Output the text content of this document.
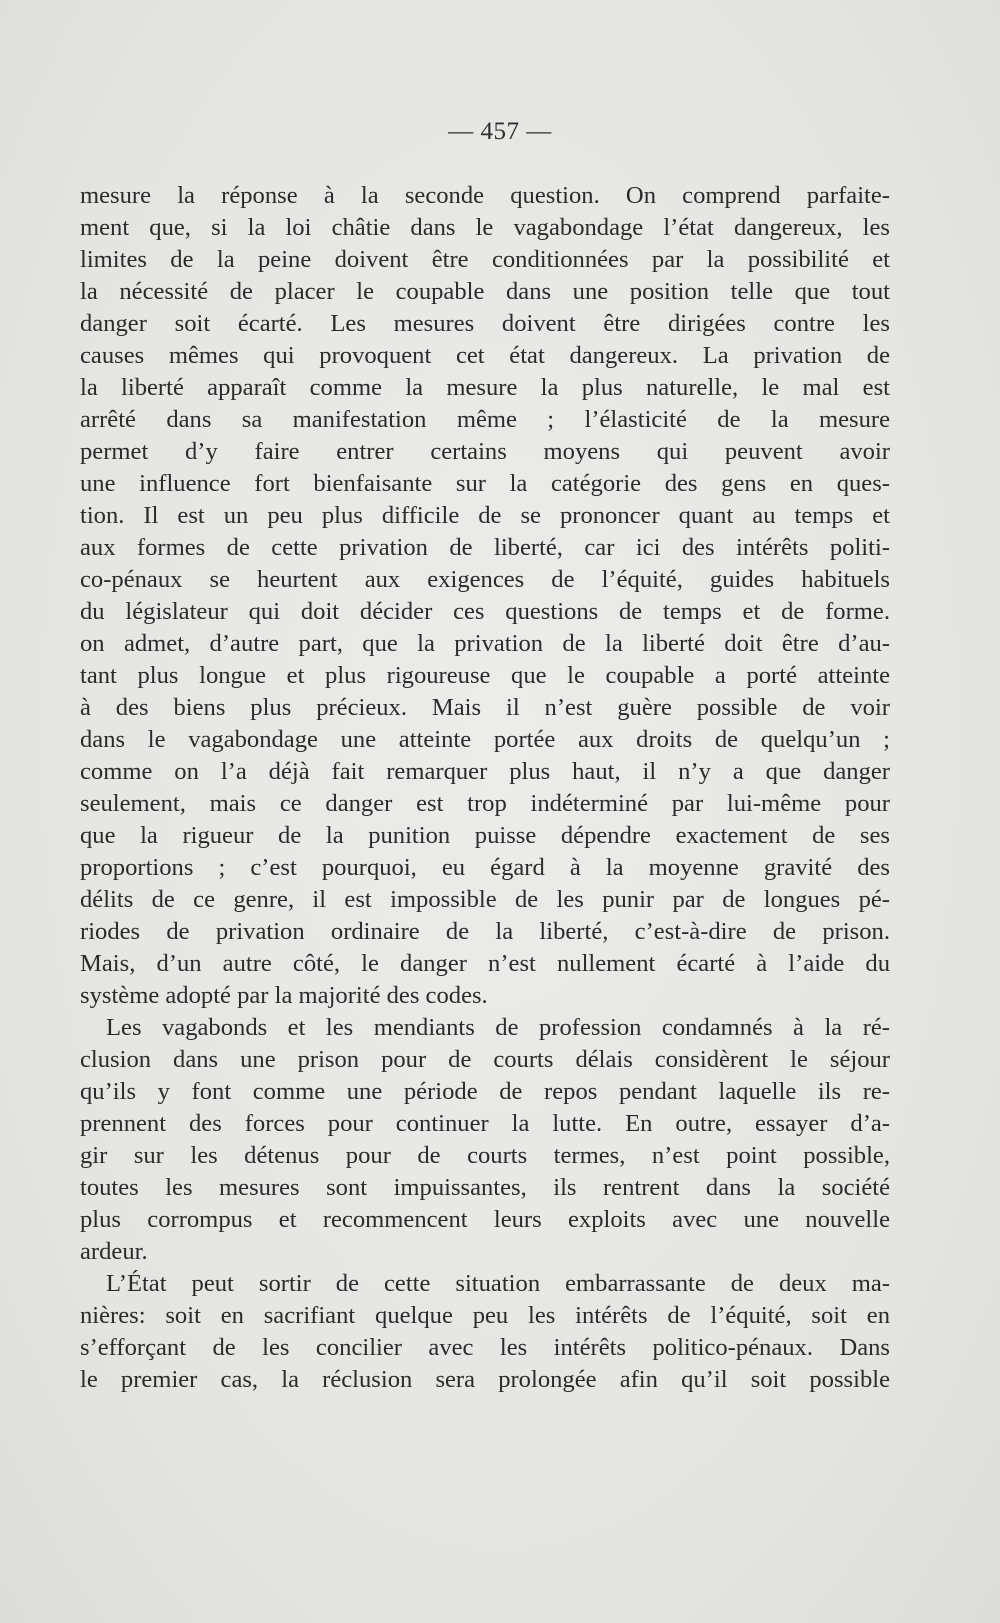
— 457 —
mesure la réponse à la seconde question. On comprend parfaite-
ment que, si la loi châtie dans le vagabondage l’état dangereux, les
limites de la peine doivent être conditionnées par la possibilité et
la nécessité de placer le coupable dans une position telle que tout
danger soit écarté. Les mesures doivent être dirigées contre les
causes mêmes qui provoquent cet état dangereux. La privation de
la liberté apparaît comme la mesure la plus naturelle, le mal est
arrêté dans sa manifestation même ; l’élasticité de la mesure
permet d’y faire entrer certains moyens qui peuvent avoir
une influence fort bienfaisante sur la catégorie des gens en ques-
tion. Il est un peu plus difficile de se prononcer quant au temps et
aux formes de cette privation de liberté, car ici des intérêts politi-
co-pénaux se heurtent aux exigences de l’équité, guides habituels
du législateur qui doit décider ces questions de temps et de forme.
on admet, d’autre part, que la privation de la liberté doit être d’au-
tant plus longue et plus rigoureuse que le coupable a porté atteinte
à des biens plus précieux. Mais il n’est guère possible de voir
dans le vagabondage une atteinte portée aux droits de quelqu’un ;
comme on l’a déjà fait remarquer plus haut, il n’y a que danger
seulement, mais ce danger est trop indéterminé par lui-même pour
que la rigueur de la punition puisse dépendre exactement de ses
proportions ; c’est pourquoi, eu égard à la moyenne gravité des
délits de ce genre, il est impossible de les punir par de longues pé-
riodes de privation ordinaire de la liberté, c’est-à-dire de prison.
Mais, d’un autre côté, le danger n’est nullement écarté à l’aide du
système adopté par la majorité des codes.
Les vagabonds et les mendiants de profession condamnés à la ré-
clusion dans une prison pour de courts délais considèrent le séjour
qu’ils y font comme une période de repos pendant laquelle ils re-
prennent des forces pour continuer la lutte. En outre, essayer d’a-
gir sur les détenus pour de courts termes, n’est point possible,
toutes les mesures sont impuissantes, ils rentrent dans la société
plus corrompus et recommencent leurs exploits avec une nouvelle
ardeur.
L’État peut sortir de cette situation embarrassante de deux ma-
nières: soit en sacrifiant quelque peu les intérêts de l’équité, soit en
s’efforçant de les concilier avec les intérêts politico-pénaux. Dans
le premier cas, la réclusion sera prolongée afin qu’il soit possible
